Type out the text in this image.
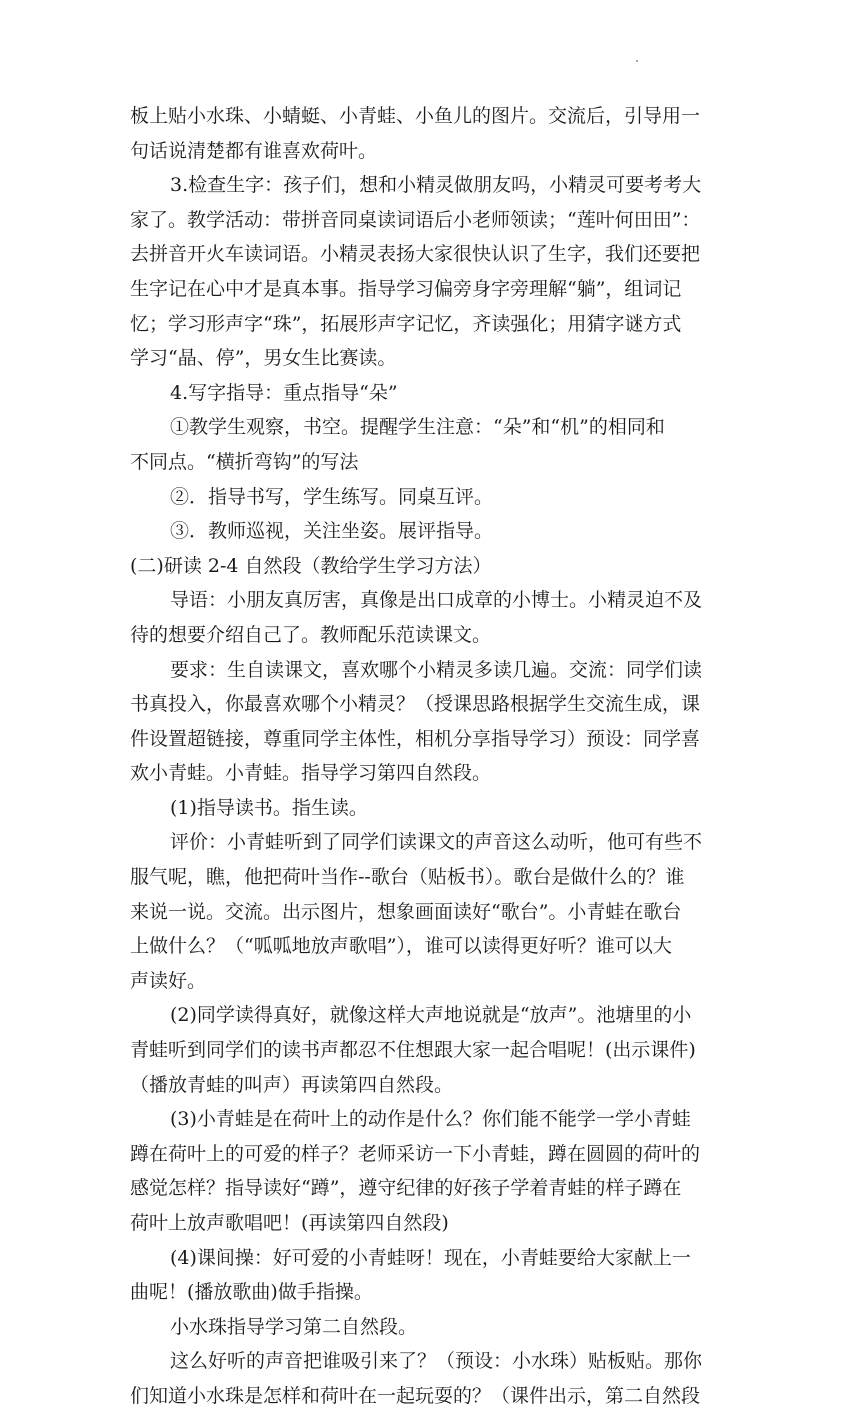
板上贴小水珠、小蜻蜓、小青蛙、小鱼儿的图片。交流后，引导用一
句话说清楚都有谁喜欢荷叶。
3.检查生字：孩子们，想和小精灵做朋友吗，小精灵可要考考大
家了。教学活动：带拼音同桌读词语后小老师领读；“莲叶何田田”：
去拼音开火车读词语。小精灵表扬大家很快认识了生字，我们还要把
生字记在心中才是真本事。指导学习偏旁身字旁理解“躺”，组词记
忆；学习形声字“珠”，拓展形声字记忆，齐读强化；用猜字谜方式
学习“晶、停”，男女生比赛读。
4.写字指导：重点指导“朵”
①教学生观察，书空。提醒学生注意：“朵”和“机”的相同和
不同点。“横折弯钩”的写法
②．指导书写，学生练写。同桌互评。
③．教师巡视，关注坐姿。展评指导。
(二)研读 2-4 自然段（教给学生学习方法）
导语：小朋友真厉害，真像是出口成章的小博士。小精灵迫不及
待的想要介绍自己了。教师配乐范读课文。
要求：生自读课文，喜欢哪个小精灵多读几遍。交流：同学们读
书真投入，你最喜欢哪个小精灵？（授课思路根据学生交流生成，课
件设置超链接，尊重同学主体性，相机分享指导学习）预设：同学喜
欢小青蛙。小青蛙。指导学习第四自然段。
(1)指导读书。指生读。
评价：小青蛙听到了同学们读课文的声音这么动听，他可有些不
服气呢，瞧，他把荷叶当作--歌台（贴板书）。歌台是做什么的？谁
来说一说。交流。出示图片，想象画面读好“歌台”。小青蛙在歌台
上做什么？（“呱呱地放声歌唱”），谁可以读得更好听？谁可以大
声读好。
(2)同学读得真好，就像这样大声地说就是“放声”。池塘里的小
青蛙听到同学们的读书声都忍不住想跟大家一起合唱呢！(出示课件)
（播放青蛙的叫声）再读第四自然段。
(3)小青蛙是在荷叶上的动作是什么？你们能不能学一学小青蛙
蹲在荷叶上的可爱的样子？老师采访一下小青蛙，蹲在圆圆的荷叶的
感觉怎样？指导读好“蹲”，遵守纪律的好孩子学着青蛙的样子蹲在
荷叶上放声歌唱吧！(再读第四自然段)
(4)课间操：好可爱的小青蛙呀！现在，小青蛙要给大家献上一
曲呢！(播放歌曲)做手指操。
小水珠指导学习第二自然段。
这么好听的声音把谁吸引来了？（预设：小水珠）贴板贴。那你
们知道小水珠是怎样和荷叶在一起玩耍的？（课件出示，第二自然段
